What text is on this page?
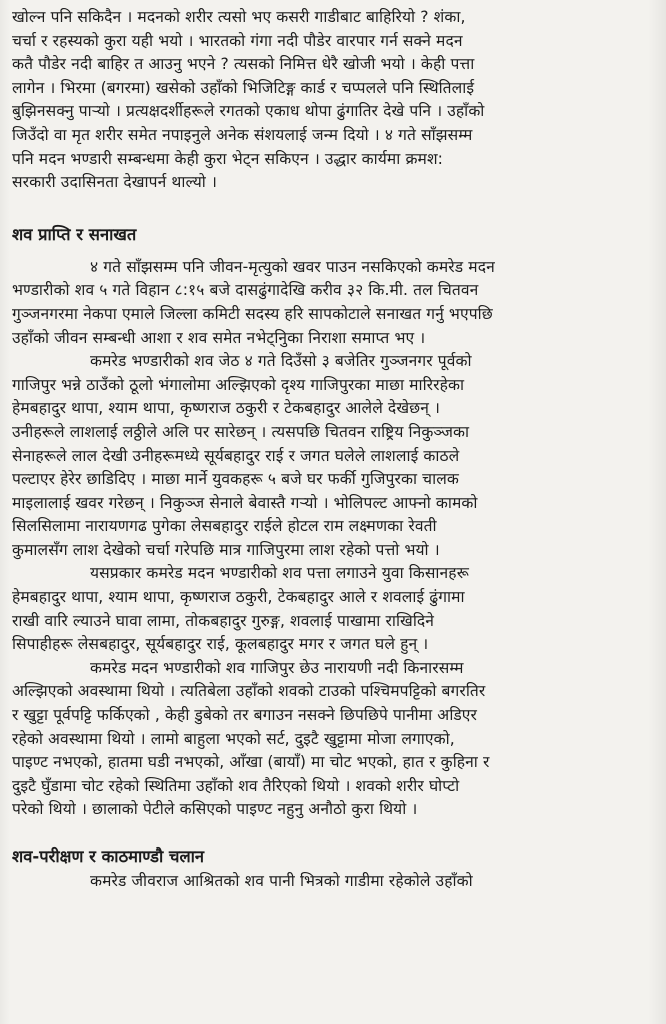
खोल्न पनि सकिदैन । मदनको शरीर त्यसो भए कसरी गाडीबाट बाहिरियो ? शंका,
चर्चा र रहस्यको कुरा यही भयो । भारतको गंगा नदी पौडेर वारपार गर्न सक्ने मदन
कतै पौडेर नदी बाहिर त आउनु भएने ? त्यसको निमित्त धेरै खोजी भयो । केही पत्ता
लागेन । भिरमा (बगरमा) खसेको उहाँको भिजिटिङ्ग कार्ड र चप्पलले पनि स्थितिलाई
बुझिनसक्नु पार्‍यो । प्रत्यक्षदर्शीहरूले रगतको एकाध थोपा ढुंगातिर देखे पनि । उहाँको
जिउँदो वा मृत शरीर समेत नपाइनुले अनेक संशयलाई जन्म दियो । ४ गते साँझसम्म
पनि मदन भण्डारी सम्बन्धमा केही कुरा भेट्न सकिएन । उद्धार कार्यमा क्रमश:
सरकारी उदासिनता देखापर्न थाल्यो ।
शव प्राप्ति र सनाखत
४ गते साँझसम्म पनि जीवन-मृत्युको खवर पाउन नसकिएको कमरेड मदन
भण्डारीको शव ५ गते विहान ८:१५ बजे दासढुंगादेखि करीव ३२ कि.मी. तल चितवन
गुञ्जनगरमा नेकपा एमाले जिल्ला कमिटी सदस्य हरि सापकोटाले सनाखत गर्नु भएपछि
उहाँको जीवन सम्बन्धी आशा र शव समेत नभेट्निुका निराशा समाप्त भए ।
कमरेड भण्डारीको शव जेठ ४ गते दिउँसो ३ बजेतिर गुञ्जनगर पूर्वको
गाजिपुर भन्ने ठाउँको ठूलो भंगालोमा अल्झिएको दृश्य गाजिपुरका माछा मारिरहेका
हेमबहादुर थापा, श्याम थापा, कृष्णराज ठकुरी र टेकबहादुर आलेले देखेछन् ।
उनीहरूले लाशलाई लठ्ठीले अलि पर सारेछन् । त्यसपछि चितवन राष्ट्रिय निकुञ्जका
सेनाहरूले लाल देखी उनीहरूमध्ये सूर्यबहादुर राई र जगत घलेले लाशलाई काठले
पल्टाएर हेरेर छाडिदिए । माछा मार्ने युवकहरू ५ बजे घर फर्की गुजिपुरका चालक
माइलालाई खवर गरेछन् । निकुञ्ज सेनाले बेवास्तै गर्‍यो । भोलिपल्ट आफ्नो कामको
सिलसिलामा नारायणगढ पुगेका लेसबहादुर राईले होटल राम लक्ष्मणका रेवती
कुमालसँग लाश देखेको चर्चा गरेपछि मात्र गाजिपुरमा लाश रहेको पत्तो भयो ।
यसप्रकार कमरेड मदन भण्डारीको शव पत्ता लगाउने युवा किसानहरू
हेमबहादुर थापा, श्याम थापा, कृष्णराज ठकुरी, टेकबहादुर आले र शवलाई ढुंगामा
राखी वारि ल्याउने घावा लामा, तोकबहादुर गुरुङ्ग, शवलाई पाखामा राखिदिने
सिपाहीहरू लेसबहादुर, सूर्यबहादुर राई, कूलबहादुर मगर र जगत घले हुन् ।
कमरेड मदन भण्डारीको शव गाजिपुर छेउ नारायणी नदी किनारसम्म
अल्झिएको अवस्थामा थियो । त्यतिबेला उहाँको शवको टाउको पश्चिमपट्टिको बगरतिर
र खुट्टा पूर्वपट्टि फर्किएको , केही डुबेको तर बगाउन नसक्ने छिपछिपे पानीमा अडिएर
रहेको अवस्थामा थियो । लामो बाहुला भएको सर्ट, दुइटै खुट्टामा मोजा लगाएको,
पाइण्ट नभएको, हातमा घडी नभएको, आँखा (बायाँ) मा चोट भएको, हात र कुहिना र
दुइटै घुँडामा चोट रहेको स्थितिमा उहाँको शव तैरिएको थियो । शवको शरीर घोप्टो
परेको थियो । छालाको पेटीले कसिएको पाइण्ट नहुनु अनौठो कुरा थियो ।
शव-परीक्षण र काठमाण्डौ चलान
कमरेड जीवराज आश्रितको शव पानी भित्रको गाडीमा रहेकोले उहाँको
